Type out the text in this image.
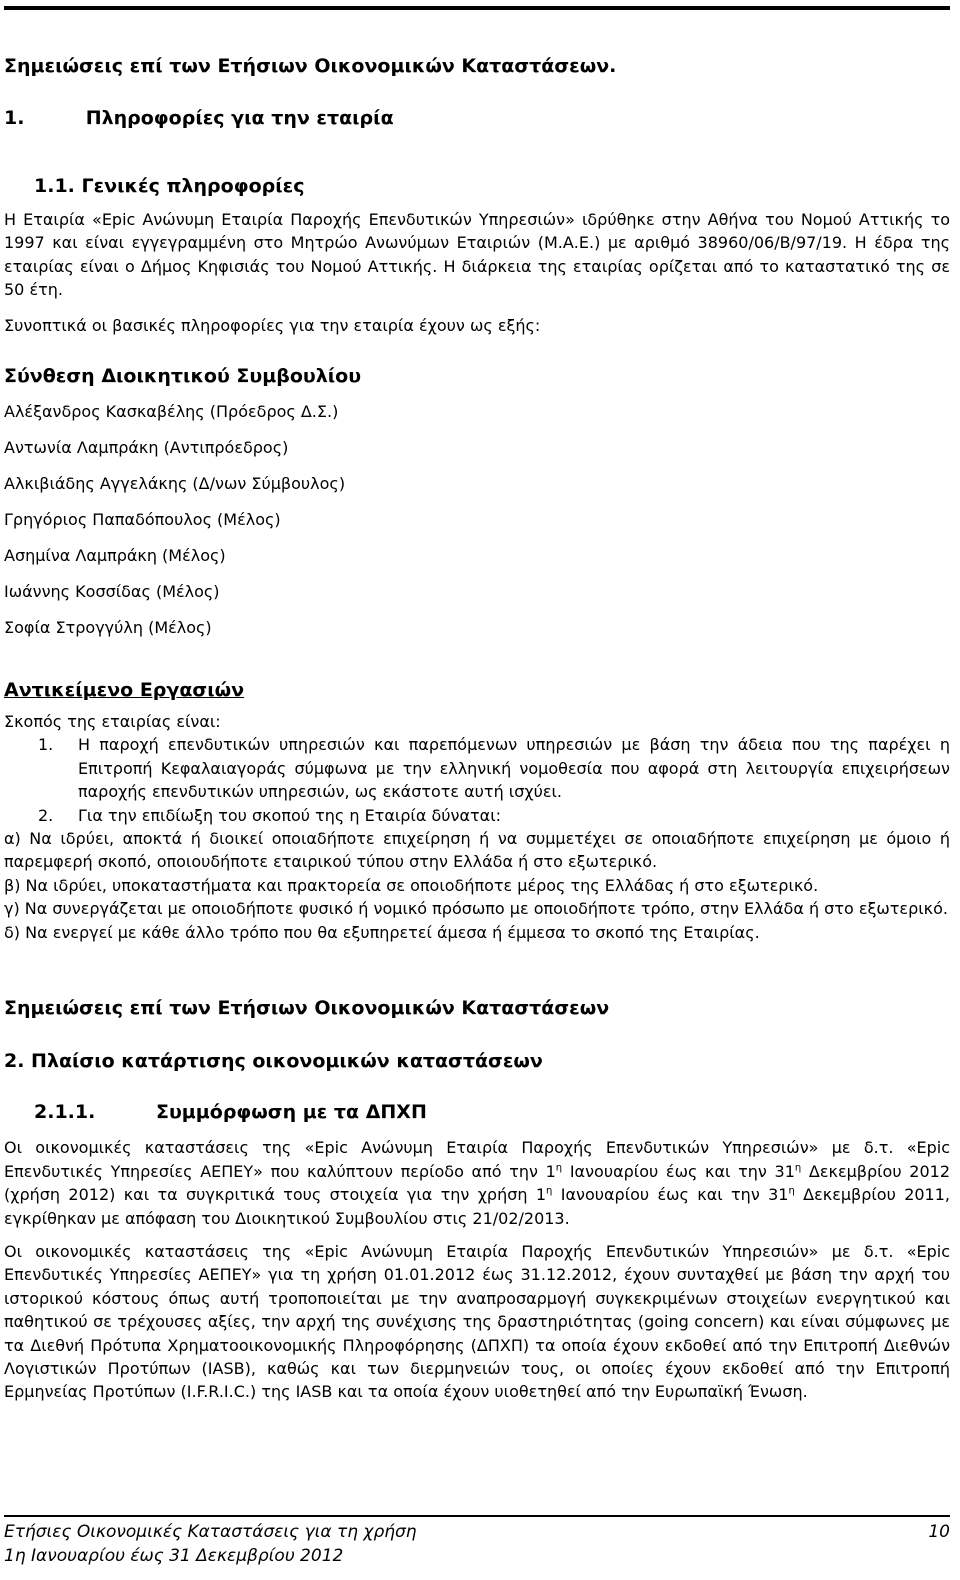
Σημειώσεις επί των Ετήσιων Οικονομικών Καταστάσεων.
1.	Πληροφορίες για την εταιρία
1.1. Γενικές πληροφορίες

Η Εταιρία «Epic Ανώνυμη Εταιρία Παροχής Επενδυτικών Υπηρεσιών» ιδρύθηκε στην Αθήνα του Νομού Αττικής το 1997 και είναι εγγεγραμμένη στο Μητρώο Ανωνύμων Εταιριών (Μ.Α.Ε.) με αριθμό 38960/06/Β/97/19. Η έδρα της εταιρίας είναι ο Δήμος Κηφισιάς του Νομού Αττικής. Η διάρκεια της εταιρίας ορίζεται από το καταστατικό της σε 50 έτη.

Συνοπτικά οι βασικές πληροφορίες για την εταιρία έχουν ως εξής:

Σύνθεση Διοικητικού Συμβουλίου
Αλέξανδρος Κασκαβέλης (Πρόεδρος Δ.Σ.)
Αντωνία Λαμπράκη (Αντιπρόεδρος)
Αλκιβιάδης Αγγελάκης (Δ/νων Σύμβουλος)
Γρηγόριος Παπαδόπουλος (Μέλος)
Ασημίνα Λαμπράκη (Μέλος)
Ιωάννης Κοσσίδας (Μέλος)
Σοφία Στρογγύλη (Μέλος)
Αντικείμενο Εργασιών
Σκοπός της εταιρίας είναι:
1.	Η παροχή επενδυτικών υπηρεσιών και παρεπόμενων υπηρεσιών με βάση την άδεια που της παρέχει η Επιτροπή Κεφαλαιαγοράς σύμφωνα με την ελληνική νομοθεσία που αφορά στη λειτουργία επιχειρήσεων παροχής επενδυτικών υπηρεσιών, ως εκάστοτε αυτή ισχύει.
2.	Για την επιδίωξη του σκοπού της η Εταιρία δύναται:

α) Να ιδρύει, αποκτά ή διοικεί οποιαδήποτε επιχείρηση ή να συμμετέχει σε οποιαδήποτε επιχείρηση με όμοιο ή παρεμφερή σκοπό, οποιουδήποτε εταιρικού τύπου στην Ελλάδα ή στο εξωτερικό.

β) Να ιδρύει, υποκαταστήματα και πρακτορεία σε οποιοδήποτε μέρος της Ελλάδας ή στο εξωτερικό.

γ) Να συνεργάζεται με οποιοδήποτε φυσικό ή νομικό πρόσωπο με οποιοδήποτε τρόπο, στην Ελλάδα ή στο εξωτερικό.

δ) Να ενεργεί με κάθε άλλο τρόπο που θα εξυπηρετεί άμεσα ή έμμεσα το σκοπό της Εταιρίας.

Σημειώσεις επί των Ετήσιων Οικονομικών Καταστάσεων
2. Πλαίσιο κατάρτισης οικονομικών καταστάσεων
2.1.1.	Συμμόρφωση με τα ΔΠΧΠ

Οι οικονομικές καταστάσεις της «Epic Ανώνυμη Εταιρία Παροχής Επενδυτικών Υπηρεσιών» με δ.τ. «Epic Επενδυτικές Υπηρεσίες ΑΕΠΕΥ» που καλύπτουν περίοδο από την $1^\eta$ Ιανουαρίου έως και την $31^\eta$ Δεκεμβρίου 2012 (χρήση 2012) και τα συγκριτικά τους στοιχεία για την χρήση $1^\eta$ Ιανουαρίου έως και την $31^\eta$ Δεκεμβρίου 2011, εγκρίθηκαν με απόφαση του Διοικητικού Συμβουλίου στις 21/02/2013.

Οι οικονομικές καταστάσεις της «Epic Ανώνυμη Εταιρία Παροχής Επενδυτικών Υπηρεσιών» με δ.τ. «Epic Επενδυτικές Υπηρεσίες ΑΕΠΕΥ» για τη χρήση 01.01.2012 έως 31.12.2012, έχουν συνταχθεί με βάση την αρχή του ιστορικού κόστους όπως αυτή τροποποιείται με την αναπροσαρμογή συγκεκριμένων στοιχείων ενεργητικού και παθητικού σε τρέχουσες αξίες, την αρχή της συνέχισης της δραστηριότητας (going concern) και είναι σύμφωνες με τα Διεθνή Πρότυπα Χρηματοοικονομικής Πληροφόρησης (ΔΠΧΠ) τα οποία έχουν εκδοθεί από την Επιτροπή Διεθνών Λογιστικών Προτύπων (IASB), καθώς και των διερμηνειών τους, οι οποίες έχουν εκδοθεί από την Επιτροπή Ερμηνείας Προτύπων (I.F.R.I.C.) της IASB και τα οποία έχουν υιοθετηθεί από την Ευρωπαϊκή Ένωση.

Ετήσιες Οικονομικές Καταστάσεις για τη χρήση
1η Ιανουαρίου έως 31 Δεκεμβρίου 2012
10
